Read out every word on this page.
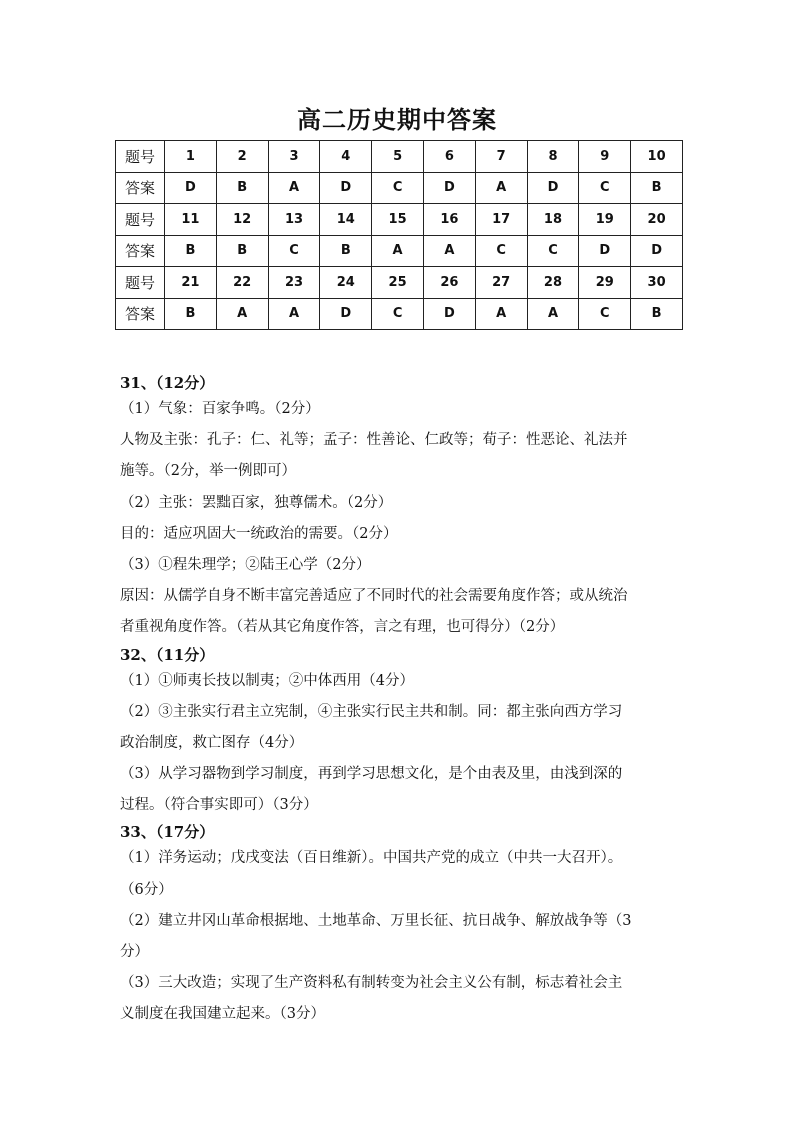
高二历史期中答案
题号	1	2	3	4	5	6	7	8	9	10
答案	D	B	A	D	C	D	A	D	C	B
题号	11	12	13	14	15	16	17	18	19	20
答案	B	B	C	B	A	A	C	C	D	D
题号	21	22	23	24	25	26	27	28	29	30
答案	B	A	A	D	C	D	A	A	C	B
31、（12分）
（1）气象：百家争鸣。（2分）
人物及主张：孔子：仁、礼等；孟子：性善论、仁政等；荀子：性恶论、礼法并
施等。（2分，举一例即可）
（2）主张：罢黜百家，独尊儒术。（2分）
目的：适应巩固大一统政治的需要。（2分）
（3）①程朱理学；②陆王心学（2分）
原因：从儒学自身不断丰富完善适应了不同时代的社会需要角度作答；或从统治
者重视角度作答。（若从其它角度作答，言之有理，也可得分）（2分）
32、（11分）
（1）①师夷长技以制夷；②中体西用（4分）
（2）③主张实行君主立宪制，④主张实行民主共和制。同：都主张向西方学习
政治制度，救亡图存（4分）
（3）从学习器物到学习制度，再到学习思想文化，是个由表及里，由浅到深的
过程。（符合事实即可）（3分）
33、（17分）
（1）洋务运动；戊戌变法（百日维新）。中国共产党的成立（中共一大召开）。
（6分）
（2）建立井冈山革命根据地、土地革命、万里长征、抗日战争、解放战争等（3
分）
（3）三大改造；实现了生产资料私有制转变为社会主义公有制，标志着社会主
义制度在我国建立起来。（3分）
